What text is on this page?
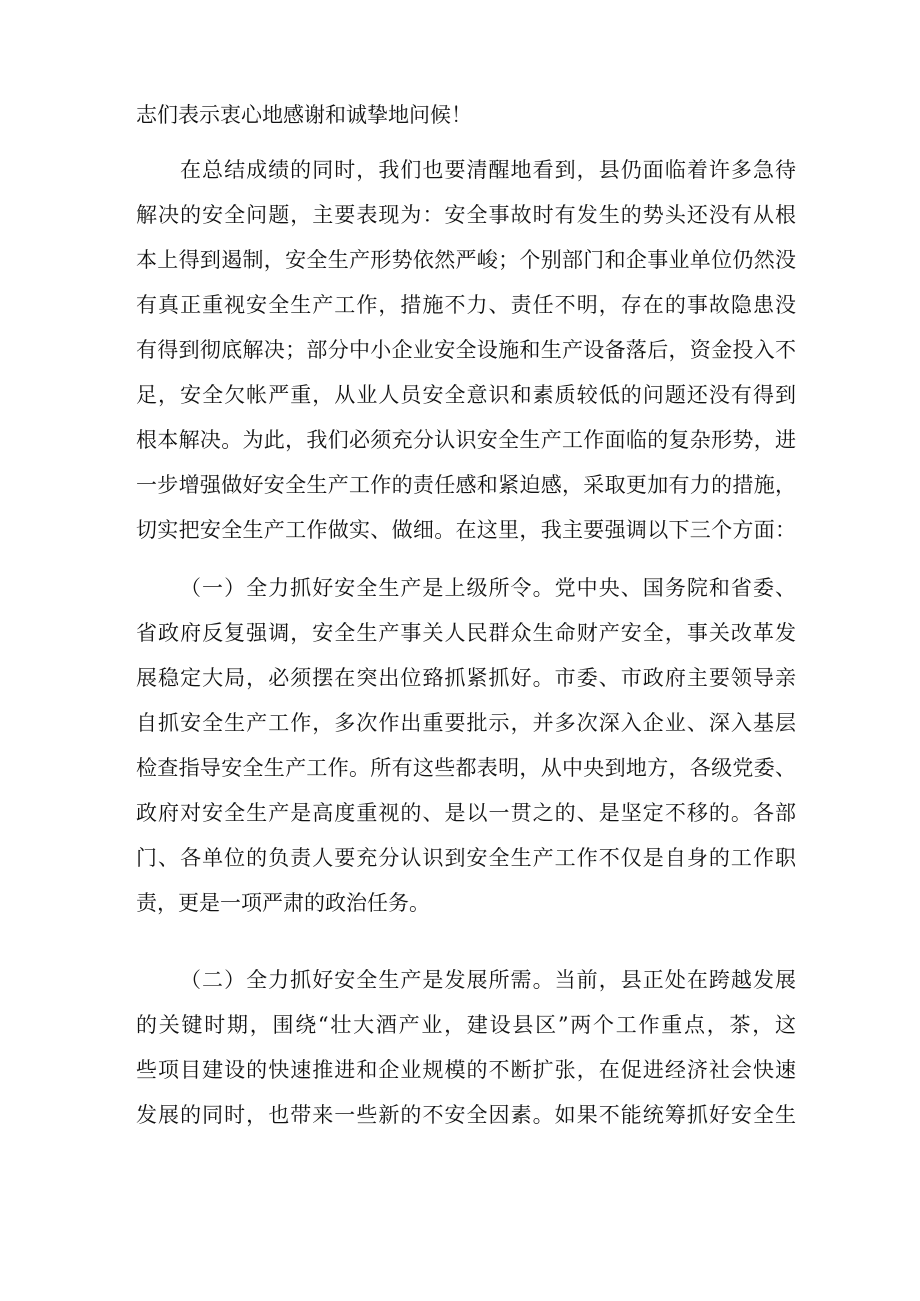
志们表示衷心地感谢和诚挚地问候！
在总结成绩的同时，我们也要清醒地看到，县仍面临着许多急待
解决的安全问题，主要表现为：安全事故时有发生的势头还没有从根
本上得到遏制，安全生产形势依然严峻；个别部门和企事业单位仍然没
有真正重视安全生产工作，措施不力、责任不明，存在的事故隐患没
有得到彻底解决；部分中小企业安全设施和生产设备落后，资金投入不
足，安全欠帐严重，从业人员安全意识和素质较低的问题还没有得到
根本解决。为此，我们必须充分认识安全生产工作面临的复杂形势，进
一步增强做好安全生产工作的责任感和紧迫感，采取更加有力的措施，
切实把安全生产工作做实、做细。在这里，我主要强调以下三个方面：
（一）全力抓好安全生产是上级所令。党中央、国务院和省委、
省政府反复强调，安全生产事关人民群众生命财产安全，事关改革发
展稳定大局，必须摆在突出位臵抓紧抓好。市委、市政府主要领导亲
自抓安全生产工作，多次作出重要批示，并多次深入企业、深入基层
检查指导安全生产工作。所有这些都表明，从中央到地方，各级党委、
政府对安全生产是高度重视的、是以一贯之的、是坚定不移的。各部
门、各单位的负责人要充分认识到安全生产工作不仅是自身的工作职
责，更是一项严肃的政治任务。
（二）全力抓好安全生产是发展所需。当前，县正处在跨越发展
的关键时期，围绕“壮大酒产业，建设县区”两个工作重点，茶，这
些项目建设的快速推进和企业规模的不断扩张，在促进经济社会快速
发展的同时，也带来一些新的不安全因素。如果不能统筹抓好安全生
